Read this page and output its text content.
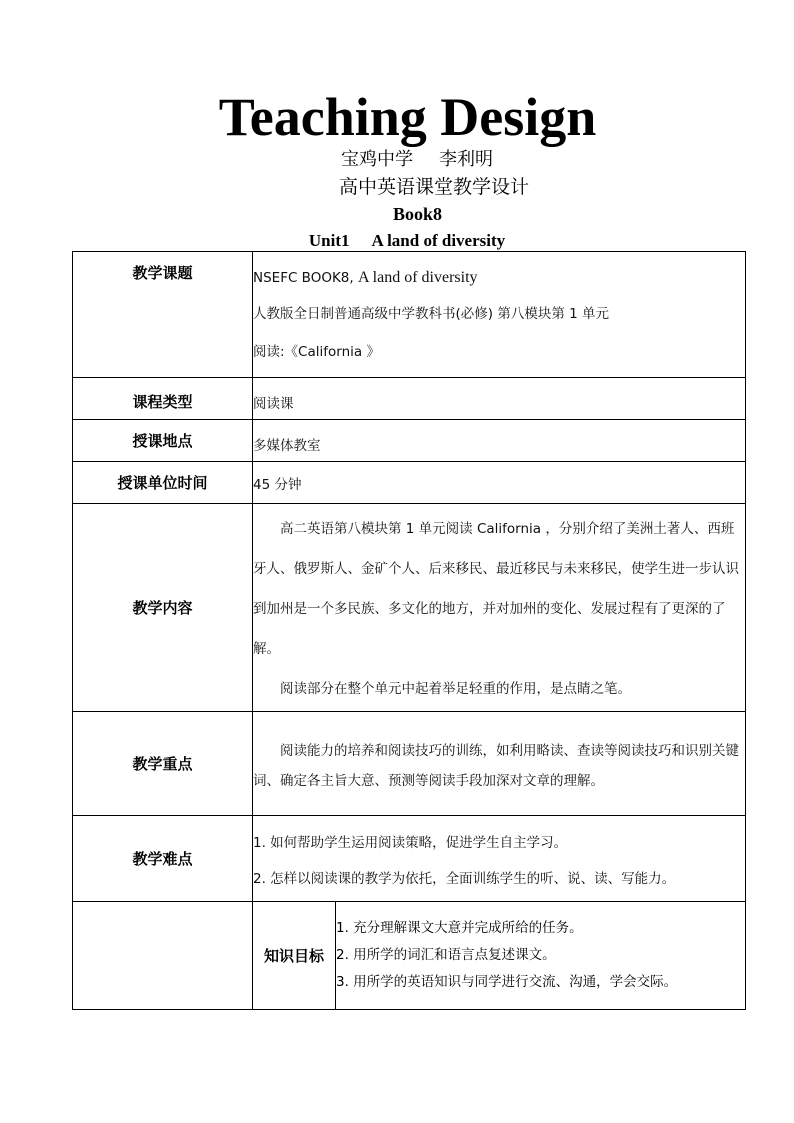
Teaching Design
宝鸡中学 李利明
高中英语课堂教学设计
Book8
Unit1 A land of diversity
教学课题	NSEFC BOOK8, A land of diversity
人教版全日制普通高级中学教科书(必修) 第八模块第 1 单元
阅读:《California 》	

课程类型	阅读课	
授课地点	多媒体教室	
授课单位时间	45 分钟	
教学内容	高二英语第八模块第 1 单元阅读 California ，分别介绍了美洲土著人、西班牙人、俄罗斯人、金矿个人、后来移民、最近移民与未来移民，使学生进一步认识到加州是一个多民族、多文化的地方，并对加州的变化、发展过程有了更深的了解。

阅读部分在整个单元中起着举足轻重的作用，是点睛之笔。	

教学重点	阅读能力的培养和阅读技巧的训练，如利用略读、查读等阅读技巧和识别关键词、确定各主旨大意、预测等阅读手段加深对文章的理解。	

教学难点	1. 如何帮助学生运用阅读策略，促进学生自主学习。

2. 怎样以阅读课的教学为依托，全面训练学生的听、说、读、写能力。	

	知识目标	1. 充分理解课文大意并完成所给的任务。

2. 用所学的词汇和语言点复述课文。

3. 用所学的英语知识与同学进行交流、沟通，学会交际。
